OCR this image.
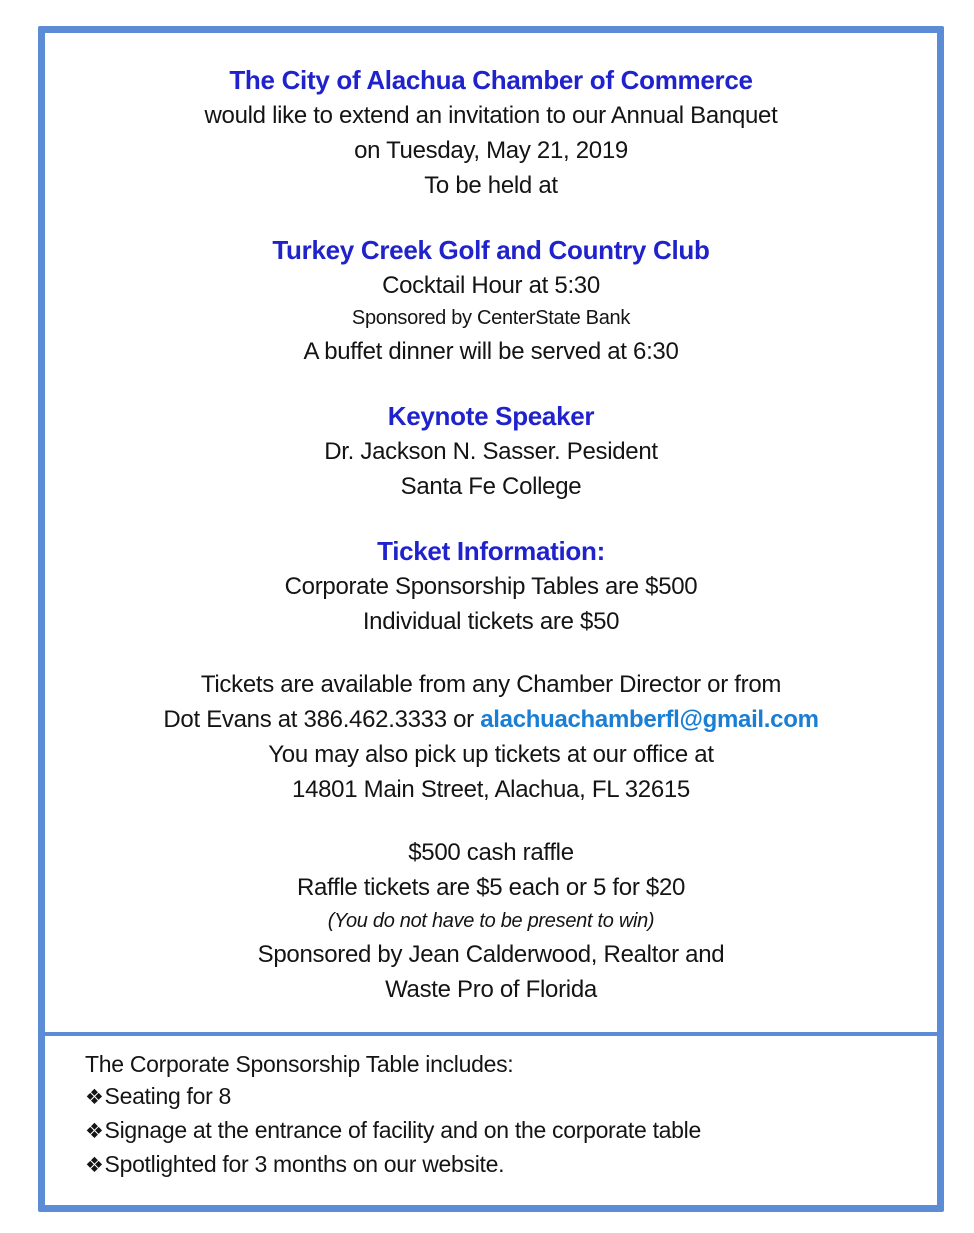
The City of Alachua Chamber of Commerce

would like to extend an invitation to our Annual Banquet

on Tuesday, May 21, 2019

To be held at

Turkey Creek Golf and Country Club

Cocktail Hour at 5:30

Sponsored by CenterState Bank

A buffet dinner will be served at 6:30

Keynote Speaker

Dr. Jackson N. Sasser. Pesident

Santa Fe College

Ticket Information:

Corporate Sponsorship Tables are $500

Individual tickets are $50

Tickets are available from any Chamber Director or from

Dot Evans at 386.462.3333 or alachuachamberfl@gmail.com

You may also pick up tickets at our office at

14801 Main Street, Alachua, FL 32615

$500 cash raffle

Raffle tickets are $5 each or 5 for $20

(You do not have to be present to win)

Sponsored by Jean Calderwood, Realtor and

Waste Pro of Florida

The Corporate Sponsorship Table includes:

❖Seating for 8
❖Signage at the entrance of facility and on the corporate table
❖Spotlighted for 3 months on our website.
